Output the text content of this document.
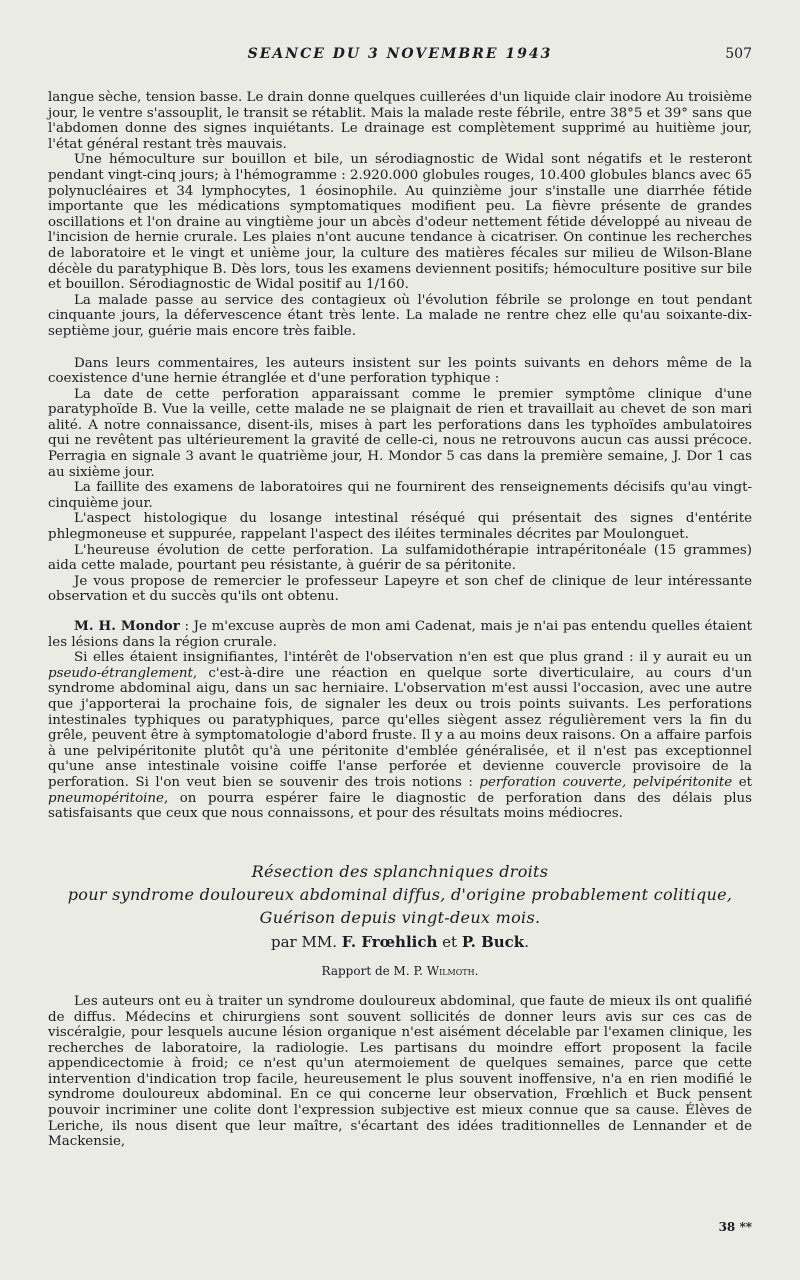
SEANCE DU 3 NOVEMBRE 1943	507

langue sèche, tension basse. Le drain donne quelques cuillerées d'un liquide clair inodore Au troisième jour, le ventre s'assouplit, le transit se rétablit. Mais la malade reste fébrile, entre 38°5 et 39° sans que l'abdomen donne des signes inquiétants. Le drainage est complètement supprimé au huitième jour, l'état général restant très mauvais.

Une hémoculture sur bouillon et bile, un sérodiagnostic de Widal sont négatifs et le resteront pendant vingt-cinq jours; à l'hémogramme : 2.920.000 globules rouges, 10.400 globules blancs avec 65 polynucléaires et 34 lymphocytes, 1 éosinophile. Au quinzième jour s'installe une diarrhée fétide importante que les médications symptomatiques modifient peu. La fièvre présente de grandes oscillations et l'on draine au vingtième jour un abcès d'odeur nettement fétide développé au niveau de l'incision de hernie crurale. Les plaies n'ont aucune tendance à cicatriser. On continue les recherches de laboratoire et le vingt et unième jour, la culture des matières fécales sur milieu de Wilson-Blane décèle du paratyphique B. Dès lors, tous les examens deviennent positifs; hémoculture positive sur bile et bouillon. Sérodiagnostic de Widal positif au 1/160.

La malade passe au service des contagieux où l'évolution fébrile se prolonge en tout pendant cinquante jours, la défervescence étant très lente. La malade ne rentre chez elle qu'au soixante-dix-septième jour, guérie mais encore très faible.

Dans leurs commentaires, les auteurs insistent sur les points suivants en dehors même de la coexistence d'une hernie étranglée et d'une perforation typhique :

La date de cette perforation apparaissant comme le premier symptôme clinique d'une paratyphoïde B. Vue la veille, cette malade ne se plaignait de rien et travaillait au chevet de son mari alité. A notre connaissance, disent-ils, mises à part les perforations dans les typhoïdes ambulatoires qui ne revêtent pas ultérieurement la gravité de celle-ci, nous ne retrouvons aucun cas aussi précoce. Perragia en signale 3 avant le quatrième jour, H. Mondor 5 cas dans la première semaine, J. Dor 1 cas au sixième jour.

La faillite des examens de laboratoires qui ne fournirent des renseignements décisifs qu'au vingt-cinquième jour.

L'aspect histologique du losange intestinal réséqué qui présentait des signes d'entérite phlegmoneuse et suppurée, rappelant l'aspect des iléites terminales décrites par Moulonguet.

L'heureuse évolution de cette perforation. La sulfamidothérapie intrapéritonéale (15 grammes) aida cette malade, pourtant peu résistante, à guérir de sa péritonite.

Je vous propose de remercier le professeur Lapeyre et son chef de clinique de leur intéressante observation et du succès qu'ils ont obtenu.

M. H. Mondor : Je m'excuse auprès de mon ami Cadenat, mais je n'ai pas entendu quelles étaient les lésions dans la région crurale.

Si elles étaient insignifiantes, l'intérêt de l'observation n'en est que plus grand : il y aurait eu un pseudo-étranglement, c'est-à-dire une réaction en quelque sorte diverticulaire, au cours d'un syndrome abdominal aigu, dans un sac herniaire. L'observation m'est aussi l'occasion, avec une autre que j'apporterai la prochaine fois, de signaler les deux ou trois points suivants. Les perforations intestinales typhiques ou paratyphiques, parce qu'elles siègent assez régulièrement vers la fin du grêle, peuvent être à symptomatologie d'abord fruste. Il y a au moins deux raisons. On a affaire parfois à une pelvipéritonite plutôt qu'à une péritonite d'emblée généralisée, et il n'est pas exceptionnel qu'une anse intestinale voisine coiffe l'anse perforée et devienne couvercle provisoire de la perforation. Si l'on veut bien se souvenir des trois notions : perforation couverte, pelvipéritonite et pneumopéritoine, on pourra espérer faire le diagnostic de perforation dans des délais plus satisfaisants que ceux que nous connaissons, et pour des résultats moins médiocres.

Résection des splanchniques droits
pour syndrome douloureux abdominal diffus, d'origine probablement colitique,
Guérison depuis vingt-deux mois.
par MM. F. Frœhlich et P. Buck.
Rapport de M. P. Wilmoth.

Les auteurs ont eu à traiter un syndrome douloureux abdominal, que faute de mieux ils ont qualifié de diffus. Médecins et chirurgiens sont souvent sollicités de donner leurs avis sur ces cas de viscéralgie, pour lesquels aucune lésion organique n'est aisément décelable par l'examen clinique, les recherches de laboratoire, la radiologie. Les partisans du moindre effort proposent la facile appendicectomie à froid; ce n'est qu'un atermoiement de quelques semaines, parce que cette intervention d'indication trop facile, heureusement le plus souvent inoffensive, n'a en rien modifié le syndrome douloureux abdominal. En ce qui concerne leur observation, Frœhlich et Buck pensent pouvoir incriminer une colite dont l'expression subjective est mieux connue que sa cause. Élèves de Leriche, ils nous disent que leur maître, s'écartant des idées traditionnelles de Lennander et de Mackensie,

38 **
